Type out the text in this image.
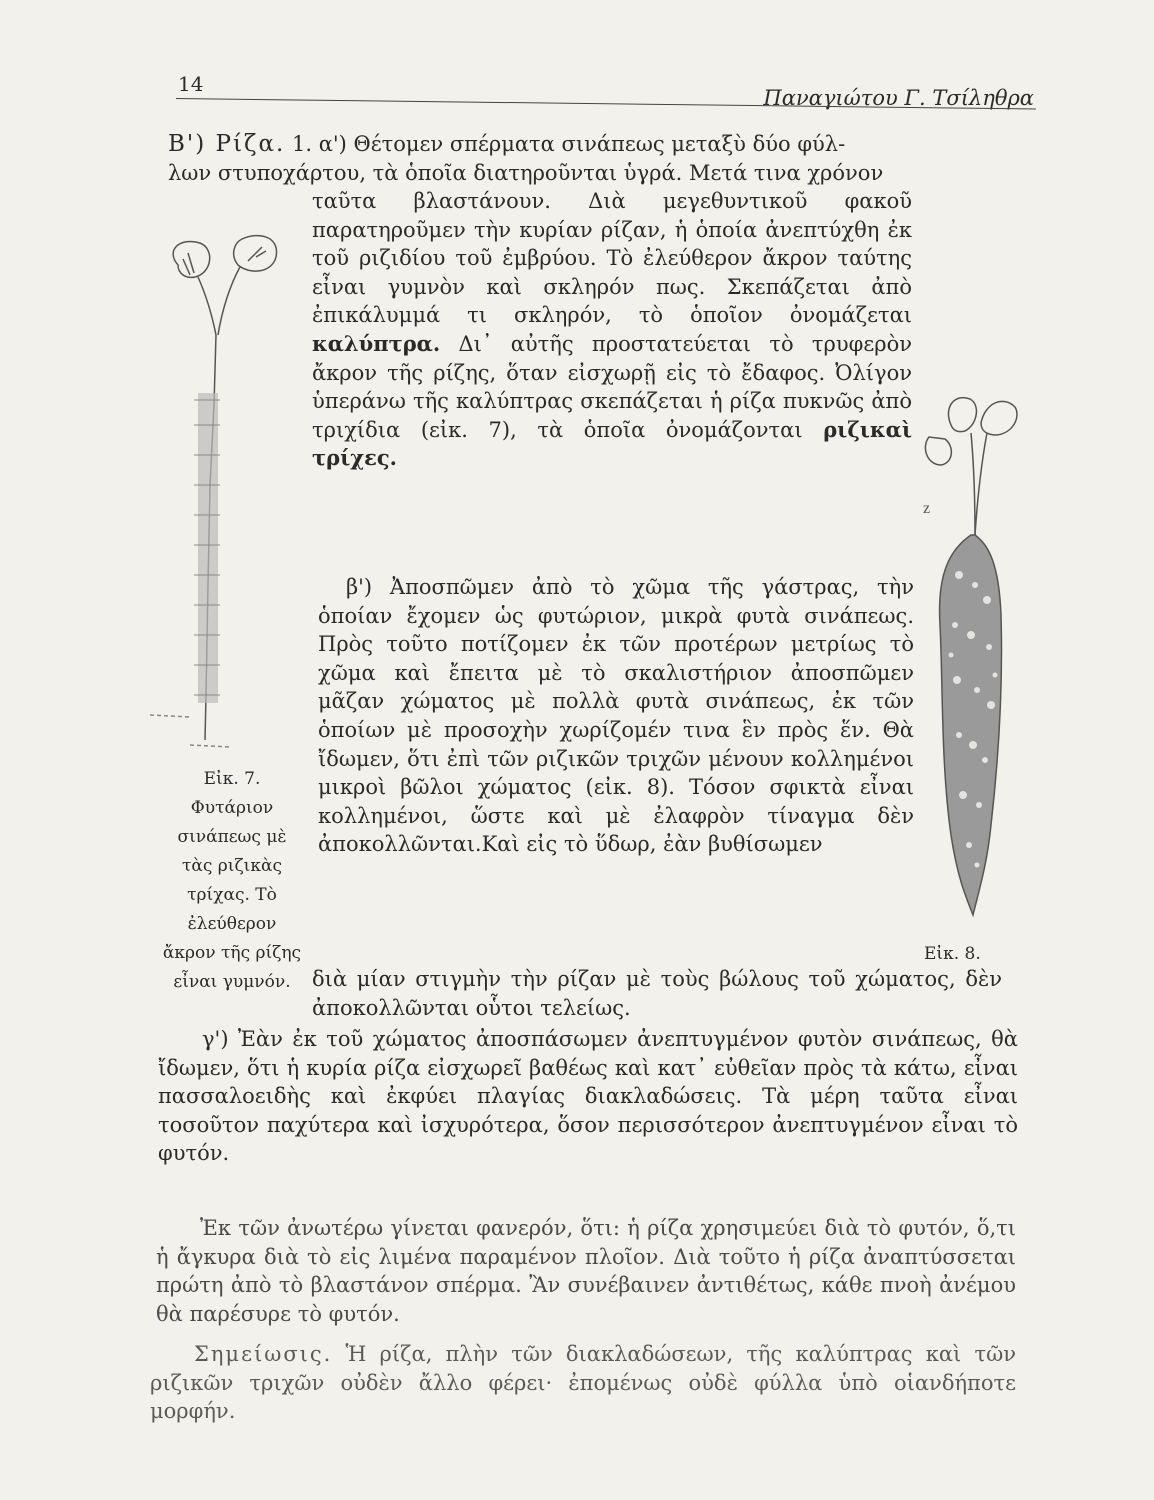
14
Παναγιώτου Γ. Τσίληθρα
Β') Ρίζα. 1. α') Θέτομεν σπέρματα σινάπεως μεταξὺ δύο φύλ-
λων στυποχάρτου, τὰ ὁποῖα διατηροῦνται ὑγρά. Μετά τινα χρόνον
ταῦτα βλαστάνουν. Διὰ μεγεθυντικοῦ φακοῦ παρατηροῦμεν τὴν κυρίαν ρίζαν, ἡ ὁποία ἀνεπτύχθη ἐκ τοῦ ριζιδίου τοῦ ἐμβρύου. Τὸ ἐλεύθερον ἄκρον ταύτης εἶναι γυμνὸν καὶ σκληρόν πως. Σκεπάζεται ἀπὸ ἐπικάλυμμά τι σκληρόν, τὸ ὁποῖον ὀνομάζεται καλύπτρα. Δι᾿ αὐτῆς προστατεύεται τὸ τρυφερὸν ἄκρον τῆς ρίζης, ὅταν εἰσχωρῇ εἰς τὸ ἔδαφος. Ὀλίγον ὑπεράνω τῆς καλύπτρας σκεπάζεται ἡ ρίζα πυκνῶς ἀπὸ τριχίδια (εἰκ. 7), τὰ ὁποῖα ὀνομάζονται ριζικαὶ τρίχες.
β') Ἀποσπῶμεν ἀπὸ τὸ χῶμα τῆς γάστρας, τὴν ὁποίαν ἔχομεν ὡς φυτώριον, μικρὰ φυτὰ σινάπεως. Πρὸς τοῦτο ποτίζομεν ἐκ τῶν προτέρων μετρίως τὸ χῶμα καὶ ἔπειτα μὲ τὸ σκαλιστήριον ἀποσπῶμεν μᾶζαν χώματος μὲ πολλὰ φυτὰ σινάπεως, ἐκ τῶν ὁποίων μὲ προσοχὴν χωρίζομέν τινα ἓν πρὸς ἕν. Θὰ ἴδωμεν, ὅτι ἐπὶ τῶν ριζικῶν τριχῶν μένουν κολλημένοι μικροὶ βῶλοι χώματος (εἰκ. 8). Τόσον σφικτὰ εἶναι κολλημένοι, ὥστε καὶ μὲ ἐλαφρὸν τίναγμα δὲν ἀποκολλῶνται.Καὶ εἰς τὸ ὕδωρ, ἐὰν βυθίσωμεν
διὰ μίαν στιγμὴν τὴν ρίζαν μὲ τοὺς βώλους τοῦ χώματος, δὲν ἀποκολλῶνται οὗτοι τελείως.
γ') Ἐὰν ἐκ τοῦ χώματος ἀποσπάσωμεν ἀνεπτυγμένον φυτὸν σινάπεως, θὰ ἴδωμεν, ὅτι ἡ κυρία ρίζα εἰσχωρεῖ βαθέως καὶ κατ᾿ εὐθεῖαν πρὸς τὰ κάτω, εἶναι πασσαλοειδὴς καὶ ἐκφύει πλαγίας διακλαδώσεις. Τὰ μέρη ταῦτα εἶναι τοσοῦτον παχύτερα καὶ ἰσχυρότερα, ὅσον περισσότερον ἀνεπτυγμένον εἶναι τὸ φυτόν.
Ἐκ τῶν ἀνωτέρω γίνεται φανερόν, ὅτι: ἡ ρίζα χρησιμεύει διὰ τὸ φυτόν, ὅ,τι ἡ ἄγκυρα διὰ τὸ εἰς λιμένα παραμένον πλοῖον. Διὰ τοῦτο ἡ ρίζα ἀναπτύσσεται πρώτη ἀπὸ τὸ βλαστάνον σπέρμα. Ἂν συνέβαινεν ἀντιθέτως, κάθε πνοὴ ἀνέμου θὰ παρέσυρε τὸ φυτόν.
Σημείωσις. Ἡ ρίζα, πλὴν τῶν διακλαδώσεων, τῆς καλύπτρας καὶ τῶν ριζικῶν τριχῶν οὐδὲν ἄλλο φέρει· ἐπομένως οὐδὲ φύλλα ὑπὸ οἱανδήποτε μορφήν.
Εἰκ. 7. Φυτάριον σινάπεως μὲ τὰς ριζικὰς τρίχας. Τὸ ἐλεύθερον ἄκρον τῆς ρίζης εἶναι γυμνόν.
z
Εἰκ. 8.
